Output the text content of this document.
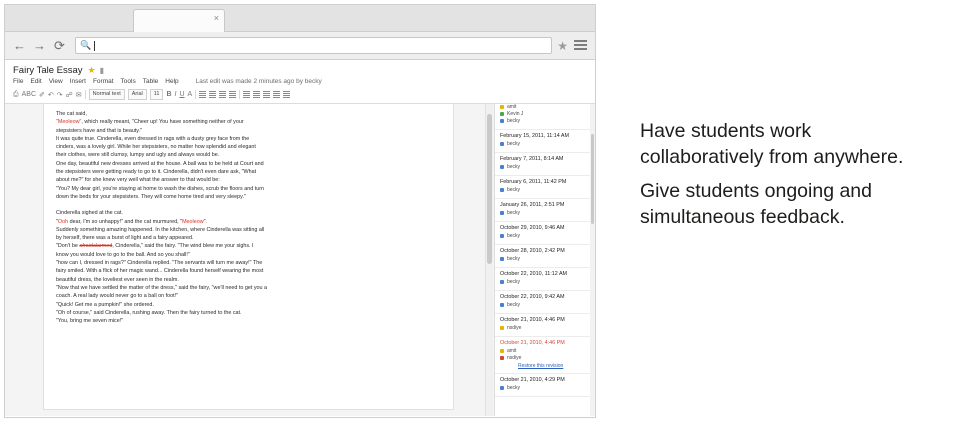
×
← → ⟳	🔍	★
Fairy Tale Essay ★ ▮
File Edit View Insert Format Tools Table Help	Last edit was made 2 minutes ago by becky
⎙ ABC ✐ ↶ ↷ ☍ ✉	Normal text	Arial	11	B I U A

The cat said,

"Meoleow", which really meant, "Cheer up! You have something neither of your

stepsisters have and that is beauty."

It was quite true. Cinderella, even dressed in rags with a dusty grey face from the

cinders, was a lovely girl. While her stepsisters, no matter how splendid and elegant

their clothes, were still clumsy, lumpy and ugly and always would be.

One day, beautiful new dresses arrived at the house. A ball was to be held at Court and

the stepsisters were getting ready to go to it. Cinderella, didn't even dare ask, "What

about me?" for she knew very well what the answer to that would be:

"You? My dear girl, you're staying at home to wash the dishes, scrub the floors and turn

down the beds for your stepsisters. They will come home tired and very sleepy."

Cinderella sighed at the cat.

"Ooh dear, I'm so unhappy!" and the cat murmured, "Meoleow".

Suddenly something amazing happened. In the kitchen, where Cinderella was sitting all

by herself, there was a burst of light and a fairy appeared.

"Don't be afraidalarmed, Cinderella," said the fairy. "The wind blew me your sighs. I

know you would love to go to the ball. And so you shall!"

"how can I, dressed in rags?" Cinderella replied. "The servants will turn me away!" The

fairy smiled. With a flick of her magic wand... Cinderella found herself wearing the most

beautiful dress, the loveliest ever seen in the realm.

"Now that we have settled the matter of the dress," said the fairy, "we'll need to get you a

coach. A real lady would never go to a ball on foot!"

"Quick! Get me a pumpkin!" she ordered.

"Oh of course," said Cinderella, rushing away. Then the fairy turned to the cat.

"You, bring me seven mice!"

amit
Kevin J
becky
February 15, 2011, 11:14 AM
becky
February 7, 2011, 8:14 AM
becky
February 6, 2011, 11:42 PM
becky
January 26, 2011, 2:51 PM
becky
October 29, 2010, 9:46 AM
becky
October 28, 2010, 2:42 PM
becky
October 22, 2010, 11:12 AM
becky
October 22, 2010, 9:42 AM
becky
October 21, 2010, 4:46 PM
nsdiye
October 21, 2010, 4:46 PM
amit
nsdiye
Restore this revision
October 21, 2010, 4:29 PM
becky

Have students work collaboratively from anywhere.

Give students ongoing and simultaneous feedback.
